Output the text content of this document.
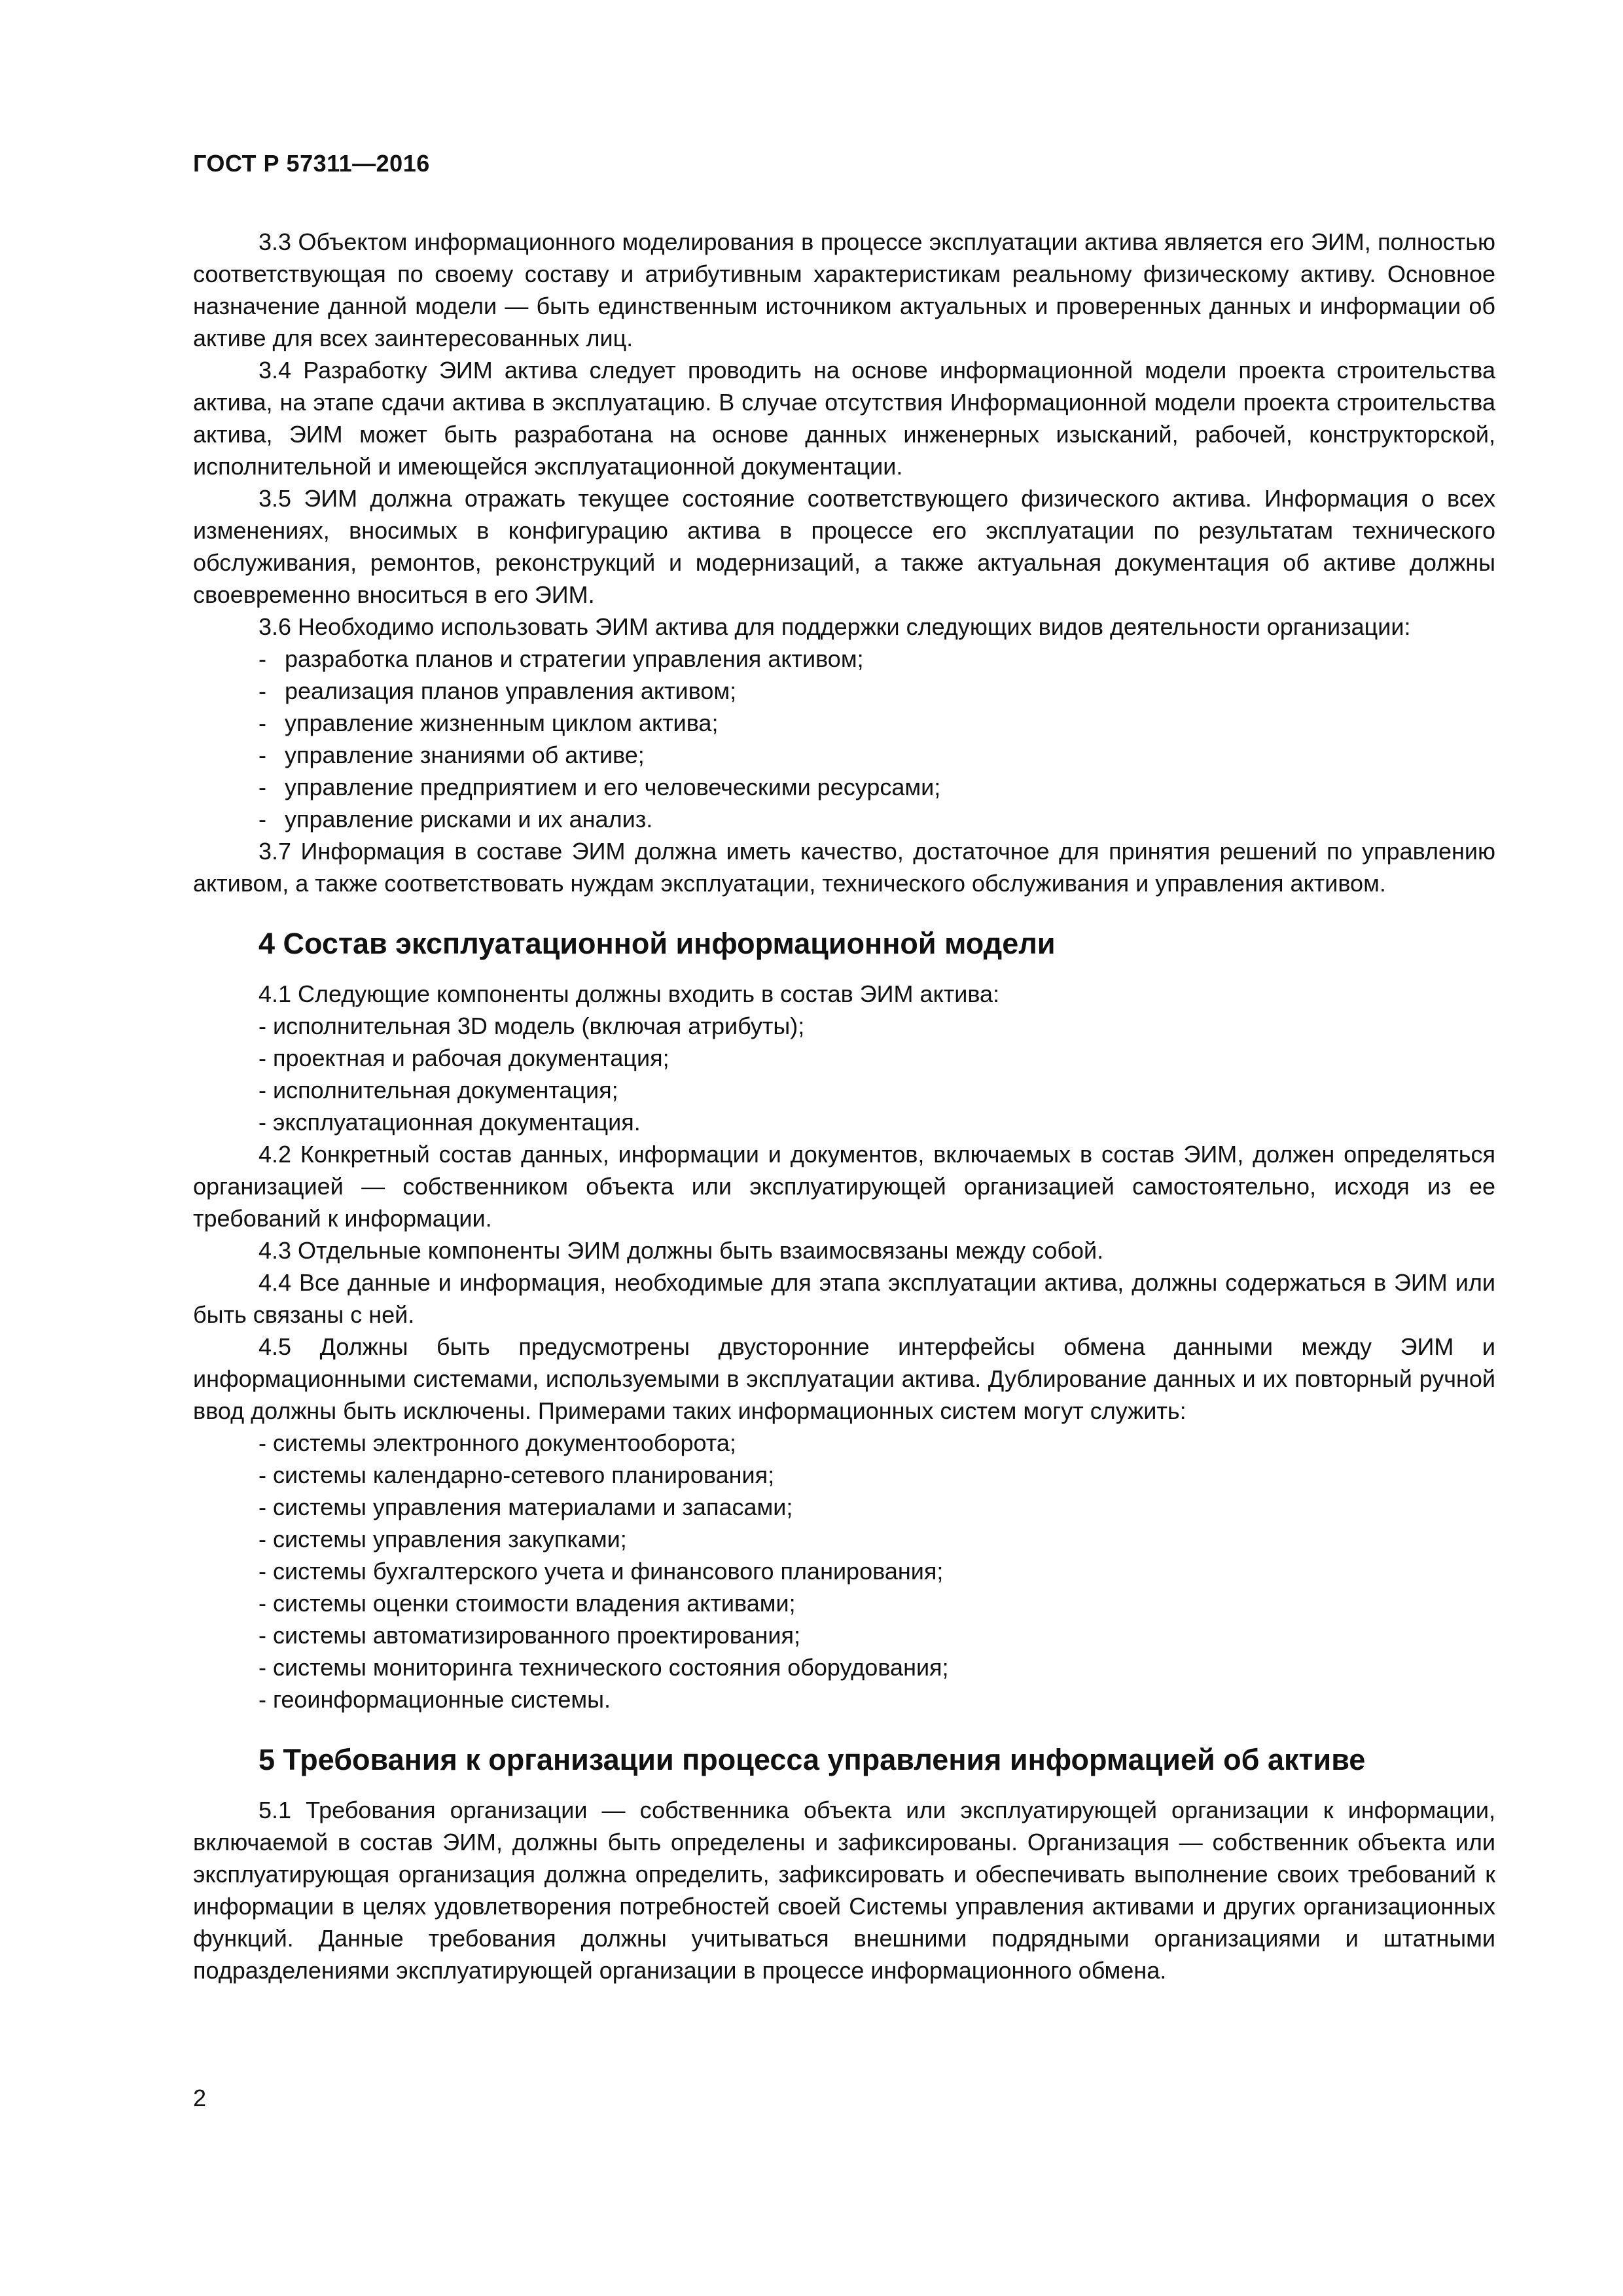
ГОСТ Р 57311—2016

3.3 Объектом информационного моделирования в процессе эксплуатации актива является его ЭИМ, полностью соответствующая по своему составу и атрибутивным характеристикам реальному физическому активу. Основное назначение данной модели — быть единственным источником актуальных и проверенных данных и информации об активе для всех заинтересованных лиц.

3.4 Разработку ЭИМ актива следует проводить на основе информационной модели проекта строительства актива, на этапе сдачи актива в эксплуатацию. В случае отсутствия Информационной модели проекта строительства актива, ЭИМ может быть разработана на основе данных инженерных изысканий, рабочей, конструкторской, исполнительной и имеющейся эксплуатационной документации.

3.5 ЭИМ должна отражать текущее состояние соответствующего физического актива. Информация о всех изменениях, вносимых в конфигурацию актива в процессе его эксплуатации по результатам технического обслуживания, ремонтов, реконструкций и модернизаций, а также актуальная документация об активе должны своевременно вноситься в его ЭИМ.

3.6 Необходимо использовать ЭИМ актива для поддержки следующих видов деятельности организации:

- разработка планов и стратегии управления активом;
- реализация планов управления активом;
- управление жизненным циклом актива;
- управление знаниями об активе;
- управление предприятием и его человеческими ресурсами;
- управление рисками и их анализ.

3.7 Информация в составе ЭИМ должна иметь качество, достаточное для принятия решений по управлению активом, а также соответствовать нуждам эксплуатации, технического обслуживания и управления активом.

4 Состав эксплуатационной информационной модели

4.1 Следующие компоненты должны входить в состав ЭИМ актива:

- исполнительная 3D модель (включая атрибуты);
- проектная и рабочая документация;
- исполнительная документация;
- эксплуатационная документация.

4.2 Конкретный состав данных, информации и документов, включаемых в состав ЭИМ, должен определяться организацией — собственником объекта или эксплуатирующей организацией самостоятельно, исходя из ее требований к информации.

4.3 Отдельные компоненты ЭИМ должны быть взаимосвязаны между собой.

4.4 Все данные и информация, необходимые для этапа эксплуатации актива, должны содержаться в ЭИМ или быть связаны с ней.

4.5 Должны быть предусмотрены двусторонние интерфейсы обмена данными между ЭИМ и информационными системами, используемыми в эксплуатации актива. Дублирование данных и их повторный ручной ввод должны быть исключены. Примерами таких информационных систем могут служить:

- системы электронного документооборота;
- системы календарно-сетевого планирования;
- системы управления материалами и запасами;
- системы управления закупками;
- системы бухгалтерского учета и финансового планирования;
- системы оценки стоимости владения активами;
- системы автоматизированного проектирования;
- системы мониторинга технического состояния оборудования;
- геоинформационные системы.
5 Требования к организации процесса управления информацией об активе

5.1 Требования организации — собственника объекта или эксплуатирующей организации к информации, включаемой в состав ЭИМ, должны быть определены и зафиксированы. Организация — собственник объекта или эксплуатирующая организация должна определить, зафиксировать и обеспечивать выполнение своих требований к информации в целях удовлетворения потребностей своей Системы управления активами и других организационных функций. Данные требования должны учитываться внешними подрядными организациями и штатными подразделениями эксплуатирующей организации в процессе информационного обмена.

2
